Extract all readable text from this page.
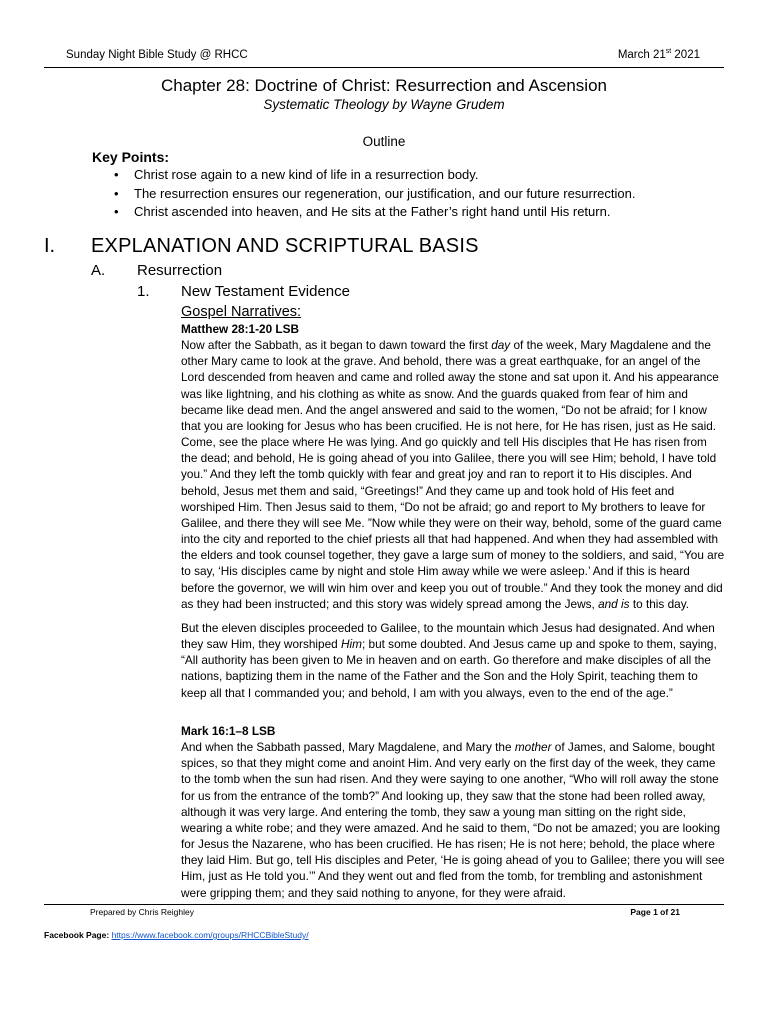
Sunday Night Bible Study @ RHCC	March 21st 2021
Chapter 28: Doctrine of Christ: Resurrection and Ascension
Systematic Theology by Wayne Grudem
Outline
Key Points:
• Christ rose again to a new kind of life in a resurrection body.
• The resurrection ensures our regeneration, our justification, and our future resurrection.
• Christ ascended into heaven, and He sits at the Father’s right hand until His return.
I. EXPLANATION AND SCRIPTURAL BASIS
A. Resurrection
1. New Testament Evidence
Gospel Narratives:
Matthew 28:1-20 LSB

Now after the Sabbath, as it began to dawn toward the first day of the week, Mary Magdalene and the other Mary came to look at the grave. And behold, there was a great earthquake, for an angel of the Lord descended from heaven and came and rolled away the stone and sat upon it. And his appearance was like lightning, and his clothing as white as snow. And the guards quaked from fear of him and became like dead men. And the angel answered and said to the women, “Do not be afraid; for I know that you are looking for Jesus who has been crucified. He is not here, for He has risen, just as He said. Come, see the place where He was lying. And go quickly and tell His disciples that He has risen from the dead; and behold, He is going ahead of you into Galilee, there you will see Him; behold, I have told you.” And they left the tomb quickly with fear and great joy and ran to report it to His disciples. And behold, Jesus met them and said, “Greetings!” And they came up and took hold of His feet and worshiped Him. Then Jesus said to them, “Do not be afraid; go and report to My brothers to leave for Galilee, and there they will see Me. ”Now while they were on their way, behold, some of the guard came into the city and reported to the chief priests all that had happened. And when they had assembled with the elders and took counsel together, they gave a large sum of money to the soldiers, and said, “You are to say, ‘His disciples came by night and stole Him away while we were asleep.’ And if this is heard before the governor, we will win him over and keep you out of trouble.” And they took the money and did as they had been instructed; and this story was widely spread among the Jews, and is to this day.

But the eleven disciples proceeded to Galilee, to the mountain which Jesus had designated. And when they saw Him, they worshiped Him; but some doubted. And Jesus came up and spoke to them, saying, “All authority has been given to Me in heaven and on earth. Go therefore and make disciples of all the nations, baptizing them in the name of the Father and the Son and the Holy Spirit, teaching them to keep all that I commanded you; and behold, I am with you always, even to the end of the age.”

Mark 16:1–8 LSB

And when the Sabbath passed, Mary Magdalene, and Mary the mother of James, and Salome, bought spices, so that they might come and anoint Him. And very early on the first day of the week, they came to the tomb when the sun had risen. And they were saying to one another, “Who will roll away the stone for us from the entrance of the tomb?” And looking up, they saw that the stone had been rolled away, although it was very large. And entering the tomb, they saw a young man sitting on the right side, wearing a white robe; and they were amazed. And he said to them, “Do not be amazed; you are looking for Jesus the Nazarene, who has been crucified. He has risen; He is not here; behold, the place where they laid Him. But go, tell His disciples and Peter, ‘He is going ahead of you to Galilee; there you will see Him, just as He told you.’” And they went out and fled from the tomb, for trembling and astonishment were gripping them; and they said nothing to anyone, for they were afraid.

Prepared by Chris Reighley	Page 1 of 21
Facebook Page: https://www.facebook.com/groups/RHCCBibleStudy/
